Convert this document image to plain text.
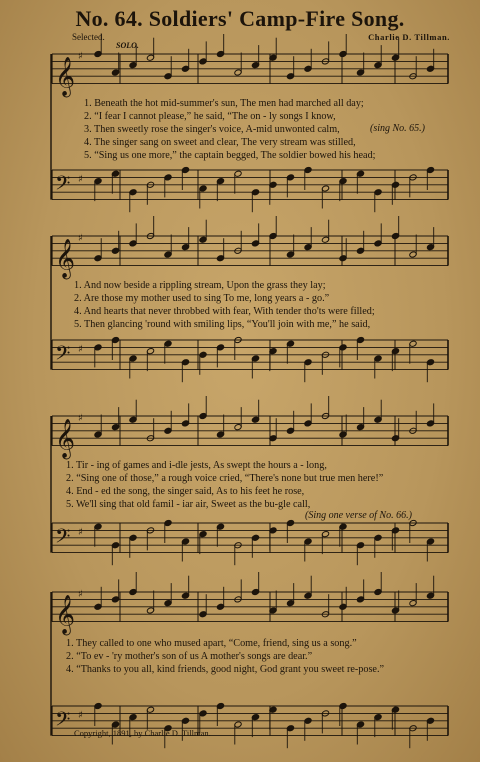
No. 64. Soldiers' Camp-Fire Song.
Selected.	Charlie D. Tillman.
SOLO.
𝄞
♯
𝄢 ♯
𝄞
♯
𝄢 ♯
𝄞
♯
𝄢 ♯
𝄞
♯
𝄢 ♯
1. Beneath the hot mid-summer's sun, The men had marched all day;
2. “I fear I cannot please,” he said, “The on - ly songs I know,
3. Then sweetly rose the singer's voice, A-mid unwonted calm,
4. The singer sang on sweet and clear, The very stream was stilled,
5. “Sing us one more,” the captain begged, The soldier bowed his head;
(sing No. 65.)
1. And now beside a rippling stream, Upon the grass they lay;
2. Are those my mother used to sing To me, long years a - go.”
4. And hearts that never throbbed with fear, With tender tho'ts were filled;
5. Then glancing 'round with smiling lips, “You'll join with me,” he said,
1. Tir - ing of games and i-dle jests, As swept the hours a - long,
2. “Sing one of those,” a rough voice cried, “There's none but true men here!”
4. End - ed the song, the singer said, As to his feet he rose,
5. We'll sing that old famil - iar air, Sweet as the bu-gle call,
(Sing one verse of No. 66.)
1. They called to one who mused apart, “Come, friend, sing us a song.”
2. “To ev - 'ry mother's son of us A mother's songs are dear.”
4. “Thanks to you all, kind friends, good night, God grant you sweet re-pose.”
Copyright, 1891, by Charlie D. Tillman.
